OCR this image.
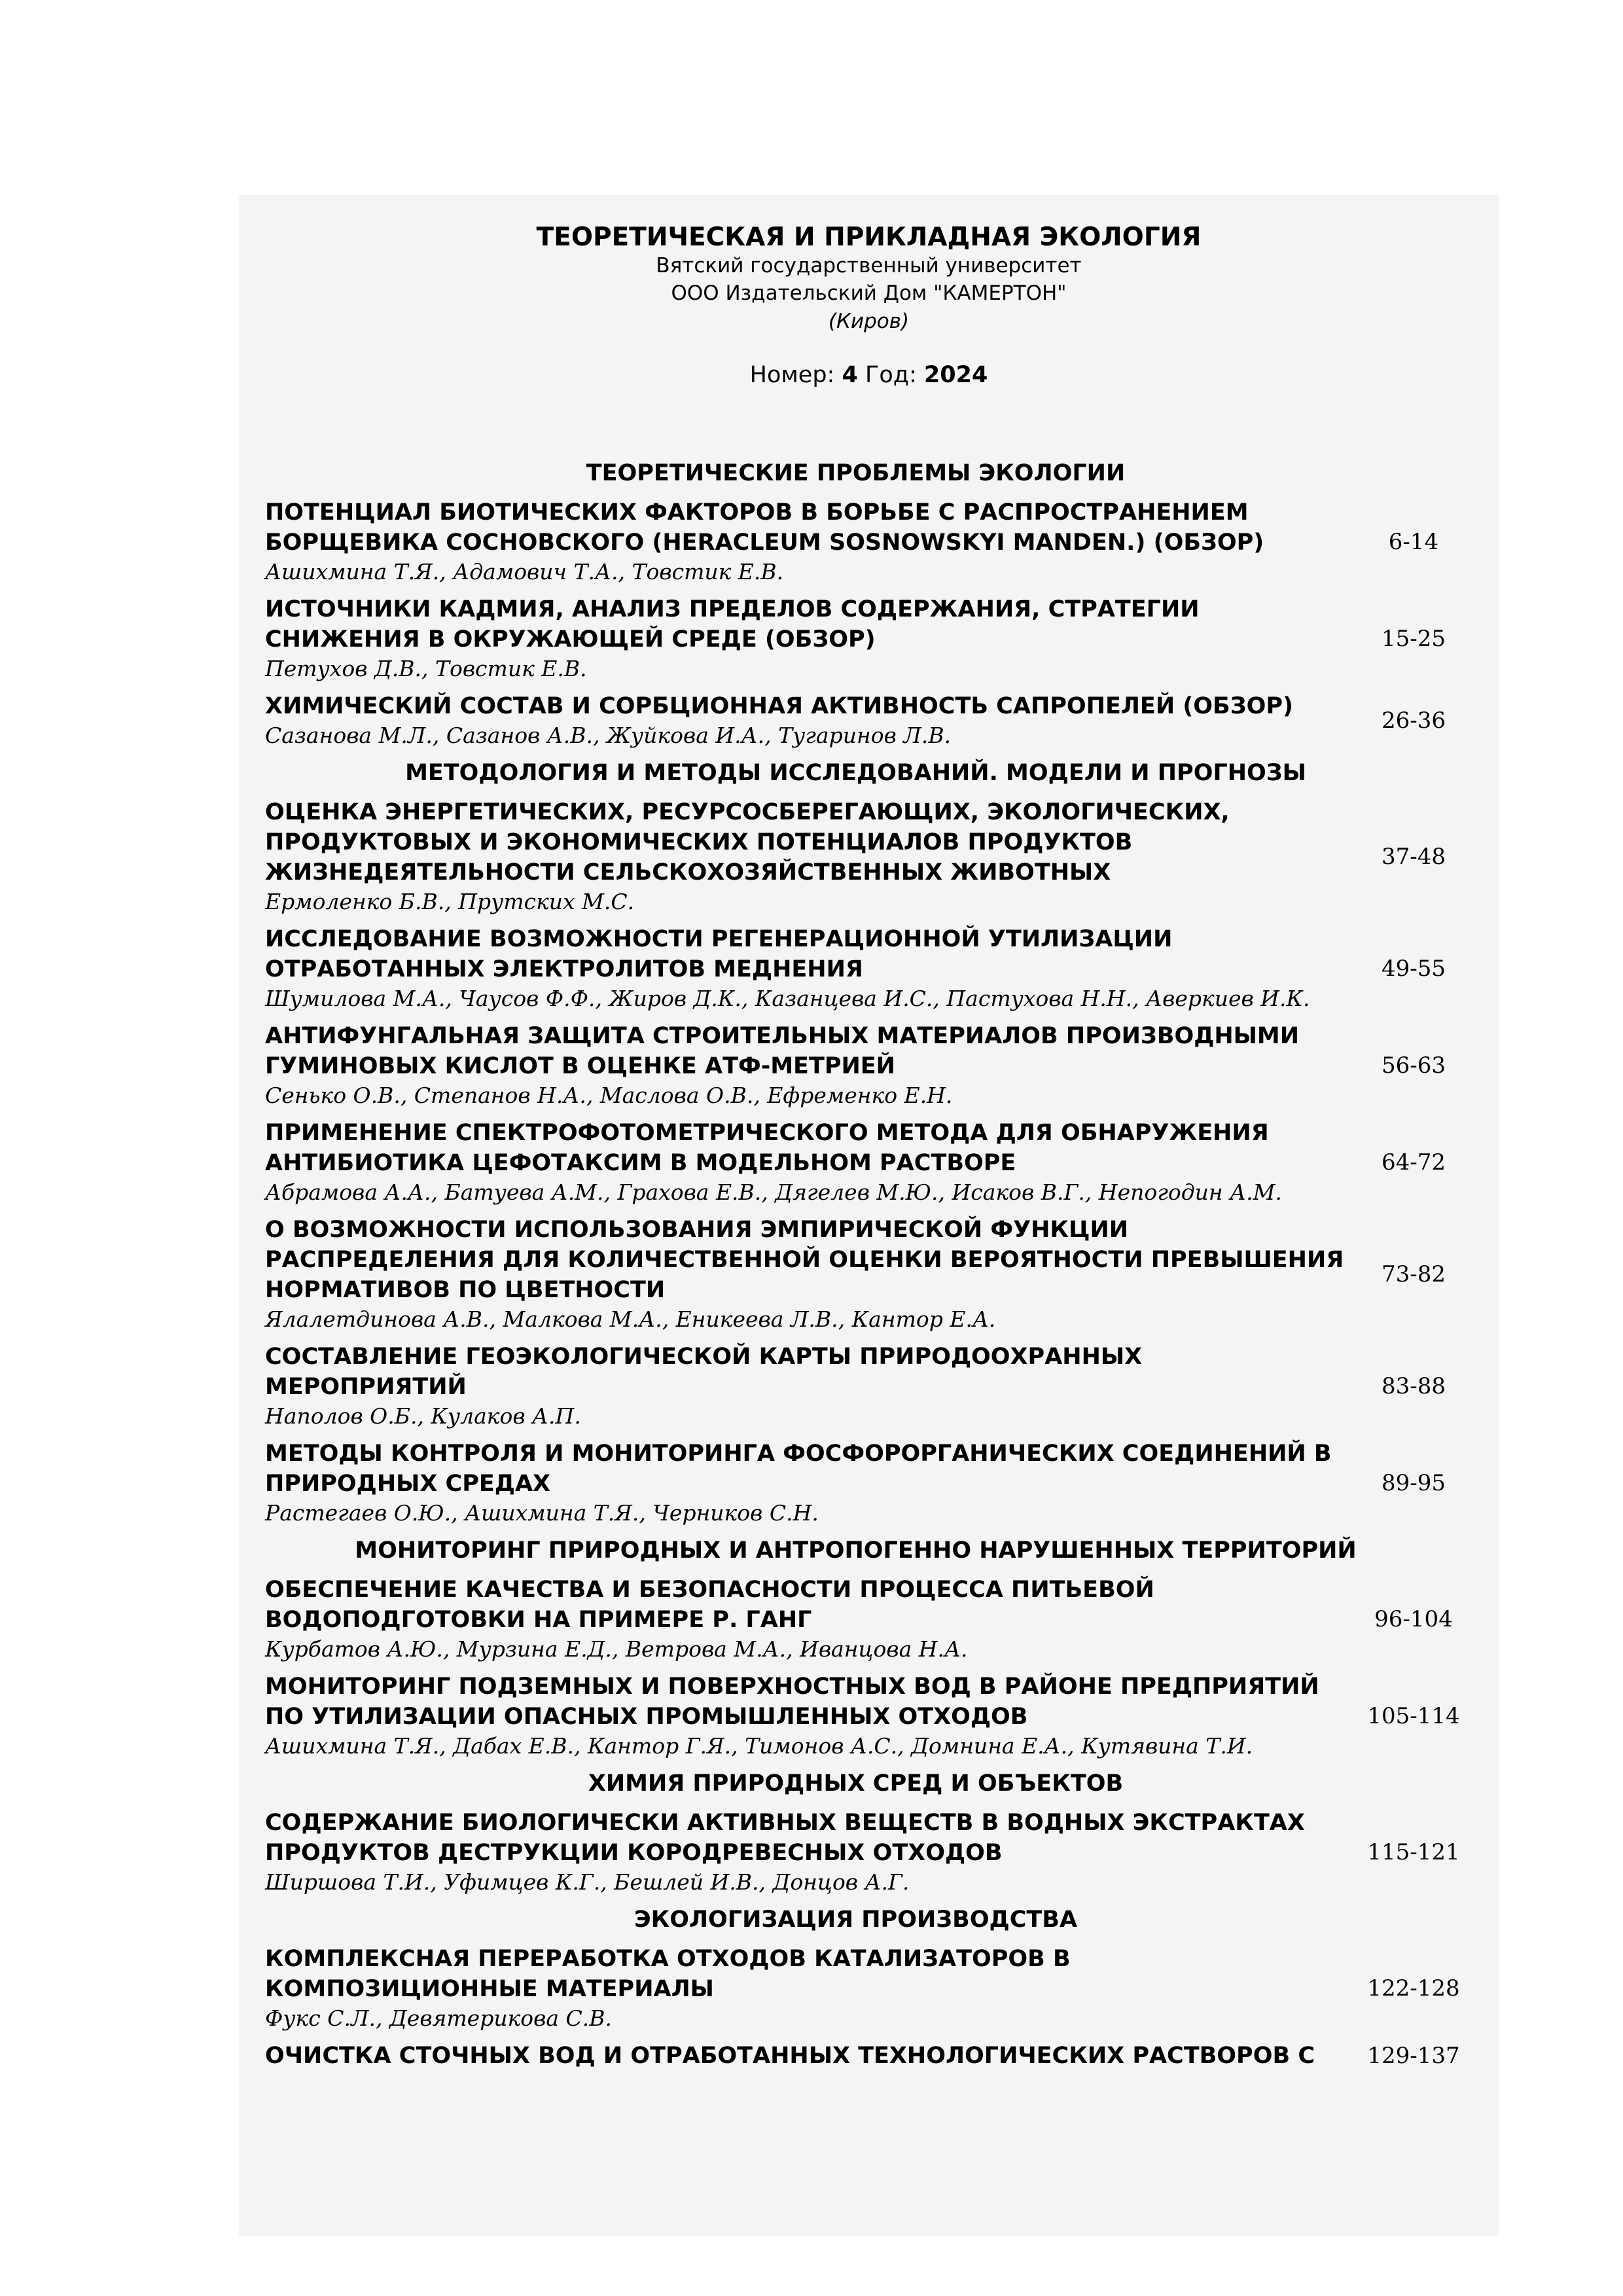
ТЕОРЕТИЧЕСКАЯ И ПРИКЛАДНАЯ ЭКОЛОГИЯ
Вятский государственный университет
ООО Издательский Дом "КАМЕРТОН"
(Киров)
Номер: 4 Год: 2024
ТЕОРЕТИЧЕСКИЕ ПРОБЛЕМЫ ЭКОЛОГИИ
ПОТЕНЦИАЛ БИОТИЧЕСКИХ ФАКТОРОВ В БОРЬБЕ С РАСПРОСТРАНЕНИЕМ БОРЩЕВИКА СОСНОВСКОГО (HERACLEUM SOSNOWSKYI MANDEN.) (ОБЗОР)
Ашихмина Т.Я., Адамович Т.А., Товстик Е.В.
6-14
ИСТОЧНИКИ КАДМИЯ, АНАЛИЗ ПРЕДЕЛОВ СОДЕРЖАНИЯ, СТРАТЕГИИ СНИЖЕНИЯ В ОКРУЖАЮЩЕЙ СРЕДЕ (ОБЗОР)
Петухов Д.В., Товстик Е.В.
15-25
ХИМИЧЕСКИЙ СОСТАВ И СОРБЦИОННАЯ АКТИВНОСТЬ САПРОПЕЛЕЙ (ОБЗОР)
Сазанова М.Л., Сазанов А.В., Жуйкова И.А., Тугаринов Л.В.
26-36
МЕТОДОЛОГИЯ И МЕТОДЫ ИССЛЕДОВАНИЙ. МОДЕЛИ И ПРОГНОЗЫ
ОЦЕНКА ЭНЕРГЕТИЧЕСКИХ, РЕСУРСОСБЕРЕГАЮЩИХ, ЭКОЛОГИЧЕСКИХ, ПРОДУКТОВЫХ И ЭКОНОМИЧЕСКИХ ПОТЕНЦИАЛОВ ПРОДУКТОВ ЖИЗНЕДЕЯТЕЛЬНОСТИ СЕЛЬСКОХОЗЯЙСТВЕННЫХ ЖИВОТНЫХ
Ермоленко Б.В., Прутских М.С.
37-48
ИССЛЕДОВАНИЕ ВОЗМОЖНОСТИ РЕГЕНЕРАЦИОННОЙ УТИЛИЗАЦИИ ОТРАБОТАННЫХ ЭЛЕКТРОЛИТОВ МЕДНЕНИЯ
Шумилова М.А., Чаусов Ф.Ф., Жиров Д.К., Казанцева И.С., Пастухова Н.Н., Аверкиев И.К.
49-55
АНТИФУНГАЛЬНАЯ ЗАЩИТА СТРОИТЕЛЬНЫХ МАТЕРИАЛОВ ПРОИЗВОДНЫМИ ГУМИНОВЫХ КИСЛОТ В ОЦЕНКЕ АТФ-МЕТРИЕЙ
Сенько О.В., Степанов Н.А., Маслова О.В., Ефременко Е.Н.
56-63
ПРИМЕНЕНИЕ СПЕКТРОФОТОМЕТРИЧЕСКОГО МЕТОДА ДЛЯ ОБНАРУЖЕНИЯ АНТИБИОТИКА ЦЕФОТАКСИМ В МОДЕЛЬНОМ РАСТВОРЕ
Абрамова А.А., Батуева А.М., Грахова Е.В., Дягелев М.Ю., Исаков В.Г., Непогодин А.М.
64-72
О ВОЗМОЖНОСТИ ИСПОЛЬЗОВАНИЯ ЭМПИРИЧЕСКОЙ ФУНКЦИИ РАСПРЕДЕЛЕНИЯ ДЛЯ КОЛИЧЕСТВЕННОЙ ОЦЕНКИ ВЕРОЯТНОСТИ ПРЕВЫШЕНИЯ НОРМАТИВОВ ПО ЦВЕТНОСТИ
Ялалетдинова А.В., Малкова М.А., Еникеева Л.В., Кантор Е.А.
73-82
СОСТАВЛЕНИЕ ГЕОЭКОЛОГИЧЕСКОЙ КАРТЫ ПРИРОДООХРАННЫХ МЕРОПРИЯТИЙ
Наполов О.Б., Кулаков А.П.
83-88
МЕТОДЫ КОНТРОЛЯ И МОНИТОРИНГА ФОСФОРОРГАНИЧЕСКИХ СОЕДИНЕНИЙ В ПРИРОДНЫХ СРЕДАХ
Растегаев О.Ю., Ашихмина Т.Я., Черников С.Н.
89-95
МОНИТОРИНГ ПРИРОДНЫХ И АНТРОПОГЕННО НАРУШЕННЫХ ТЕРРИТОРИЙ
ОБЕСПЕЧЕНИЕ КАЧЕСТВА И БЕЗОПАСНОСТИ ПРОЦЕССА ПИТЬЕВОЙ ВОДОПОДГОТОВКИ НА ПРИМЕРЕ Р. ГАНГ
Курбатов А.Ю., Мурзина Е.Д., Ветрова М.А., Иванцова Н.А.
96-104
МОНИТОРИНГ ПОДЗЕМНЫХ И ПОВЕРХНОСТНЫХ ВОД В РАЙОНЕ ПРЕДПРИЯТИЙ ПО УТИЛИЗАЦИИ ОПАСНЫХ ПРОМЫШЛЕННЫХ ОТХОДОВ
Ашихмина Т.Я., Дабах Е.В., Кантор Г.Я., Тимонов А.С., Домнина Е.А., Кутявина Т.И.
105-114
ХИМИЯ ПРИРОДНЫХ СРЕД И ОБЪЕКТОВ
СОДЕРЖАНИЕ БИОЛОГИЧЕСКИ АКТИВНЫХ ВЕЩЕСТВ В ВОДНЫХ ЭКСТРАКТАХ ПРОДУКТОВ ДЕСТРУКЦИИ КОРОДРЕВЕСНЫХ ОТХОДОВ
Ширшова Т.И., Уфимцев К.Г., Бешлей И.В., Донцов А.Г.
115-121
ЭКОЛОГИЗАЦИЯ ПРОИЗВОДСТВА
КОМПЛЕКСНАЯ ПЕРЕРАБОТКА ОТХОДОВ КАТАЛИЗАТОРОВ В КОМПОЗИЦИОННЫЕ МАТЕРИАЛЫ
Фукс С.Л., Девятерикова С.В.
122-128
ОЧИСТКА СТОЧНЫХ ВОД И ОТРАБОТАННЫХ ТЕХНОЛОГИЧЕСКИХ РАСТВОРОВ С	129-137
